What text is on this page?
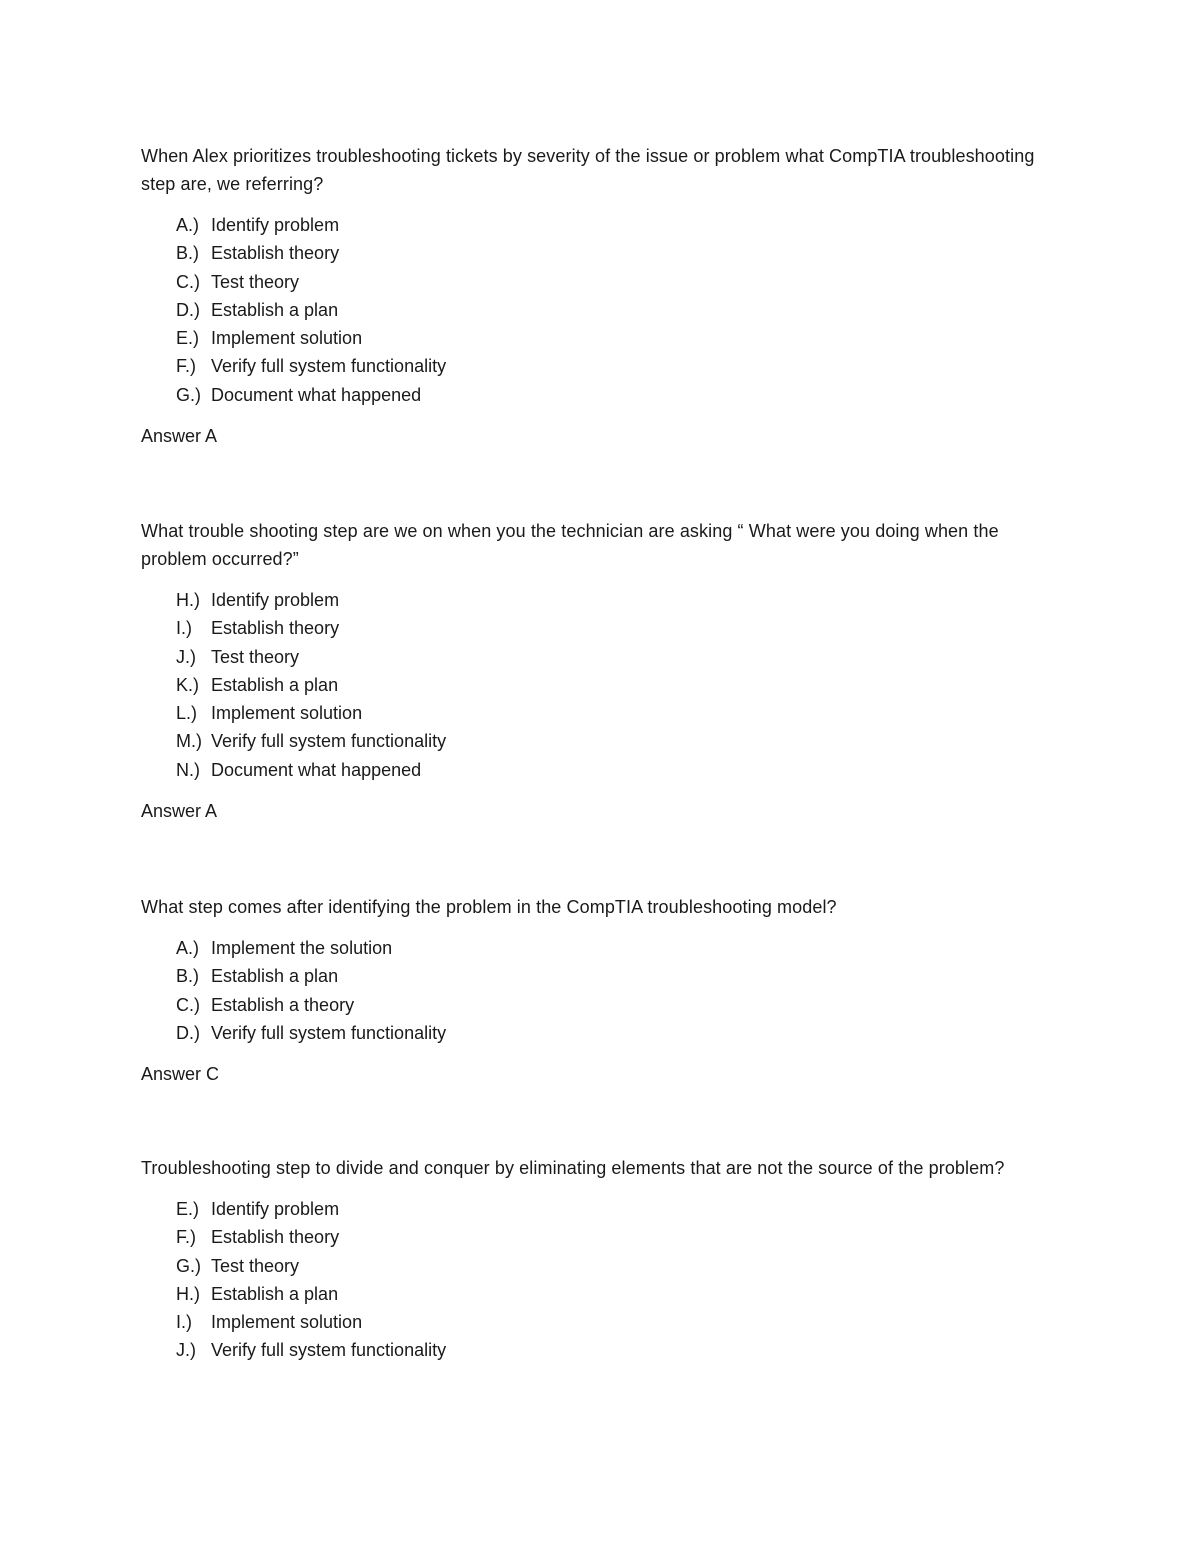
When Alex prioritizes troubleshooting tickets by severity of the issue or problem what CompTIA troubleshooting step are, we referring?

A.) Identify problem
B.) Establish theory
C.) Test theory
D.) Establish a plan
E.) Implement solution
F.) Verify full system functionality
G.) Document what happened

Answer A

What trouble shooting step are we on when you the technician are asking “ What were you doing when the problem occurred?”

H.) Identify problem
I.)	Establish theory
J.) Test theory
K.) Establish a plan
L.) Implement solution
M.) Verify full system functionality
N.) Document what happened

Answer A

What step comes after identifying the problem in the CompTIA troubleshooting model?

A.) Implement the solution
B.) Establish a plan
C.) Establish a theory
D.) Verify full system functionality

Answer C

Troubleshooting step to divide and conquer by eliminating elements that are not the source of the problem?

E.) Identify problem
F.) Establish theory
G.) Test theory
H.) Establish a plan
I.)	Implement solution
J.) Verify full system functionality
